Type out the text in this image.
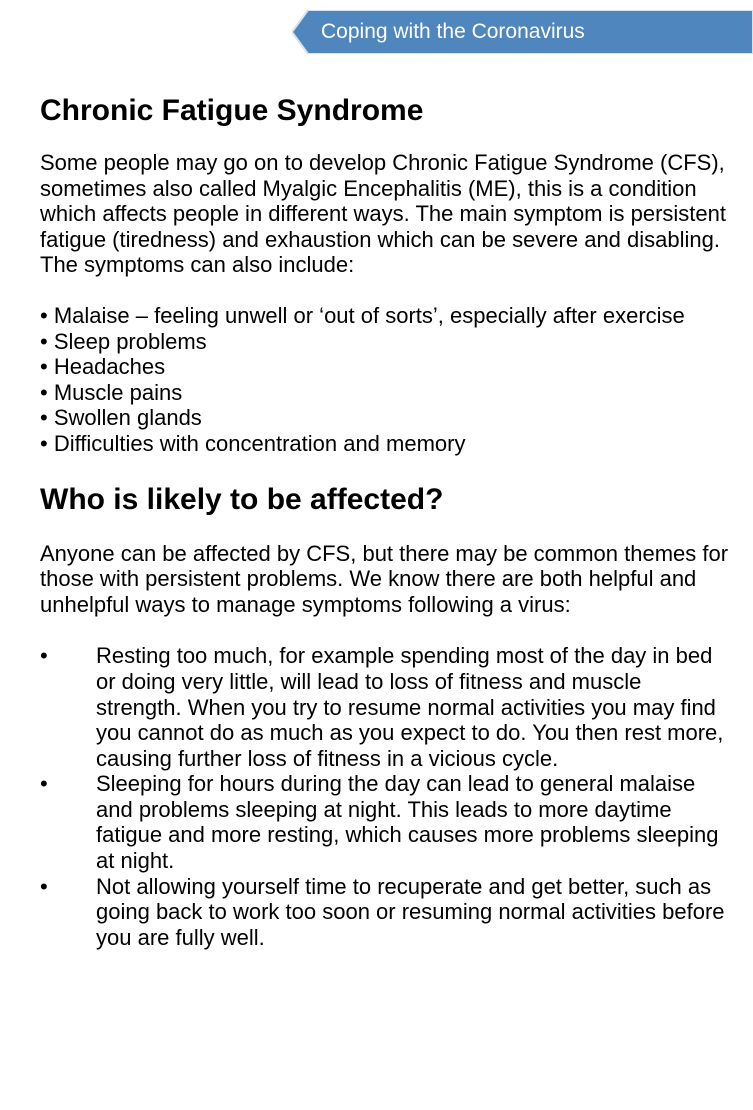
Coping with the Coronavirus
Chronic Fatigue Syndrome

Some people may go on to develop Chronic Fatigue Syndrome (CFS), sometimes also called Myalgic Encephalitis (ME), this is a condition which affects people in different ways. The main symptom is persistent fatigue (tiredness) and exhaustion which can be severe and disabling. The symptoms can also include:

• Malaise – feeling unwell or ‘out of sorts’, especially after exercise
• Sleep problems
• Headaches
• Muscle pains
• Swollen glands
• Difficulties with concentration and memory
Who is likely to be affected?

Anyone can be affected by CFS, but there may be common themes for those with persistent problems. We know there are both helpful and unhelpful ways to manage symptoms following a virus:

• Resting too much, for example spending most of the day in bed or doing very little, will lead to loss of fitness and muscle strength. When you try to resume normal activities you may find you cannot do as much as you expect to do. You then rest more, causing further loss of fitness in a vicious cycle.
• Sleeping for hours during the day can lead to general malaise and problems sleeping at night. This leads to more daytime fatigue and more resting, which causes more problems sleeping at night.
• Not allowing yourself time to recuperate and get better, such as going back to work too soon or resuming normal activities before you are fully well.
